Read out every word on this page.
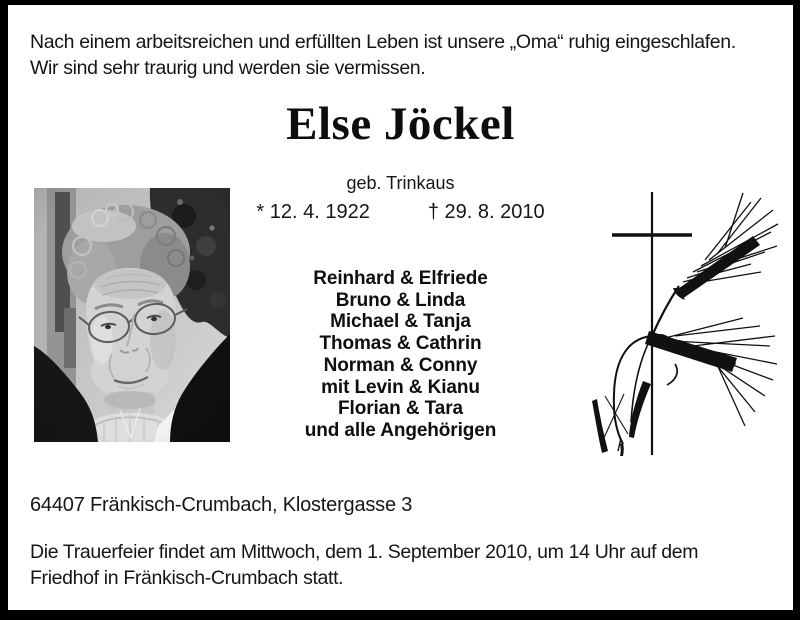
Nach einem arbeitsreichen und erfüllten Leben ist unsere „Oma“ ruhig eingeschlafen.
Wir sind sehr traurig und werden sie vermissen.
Else Jöckel
geb. Trinkaus
* 12. 4. 1922	† 29. 8. 2010
Reinhard & Elfriede
Bruno & Linda
Michael & Tanja
Thomas & Cathrin
Norman & Conny
mit Levin & Kianu
Florian & Tara
und alle Angehörigen
64407 Fränkisch-Crumbach, Klostergasse 3
Die Trauerfeier findet am Mittwoch, dem 1. September 2010, um 14 Uhr auf dem
Friedhof in Fränkisch-Crumbach statt.
